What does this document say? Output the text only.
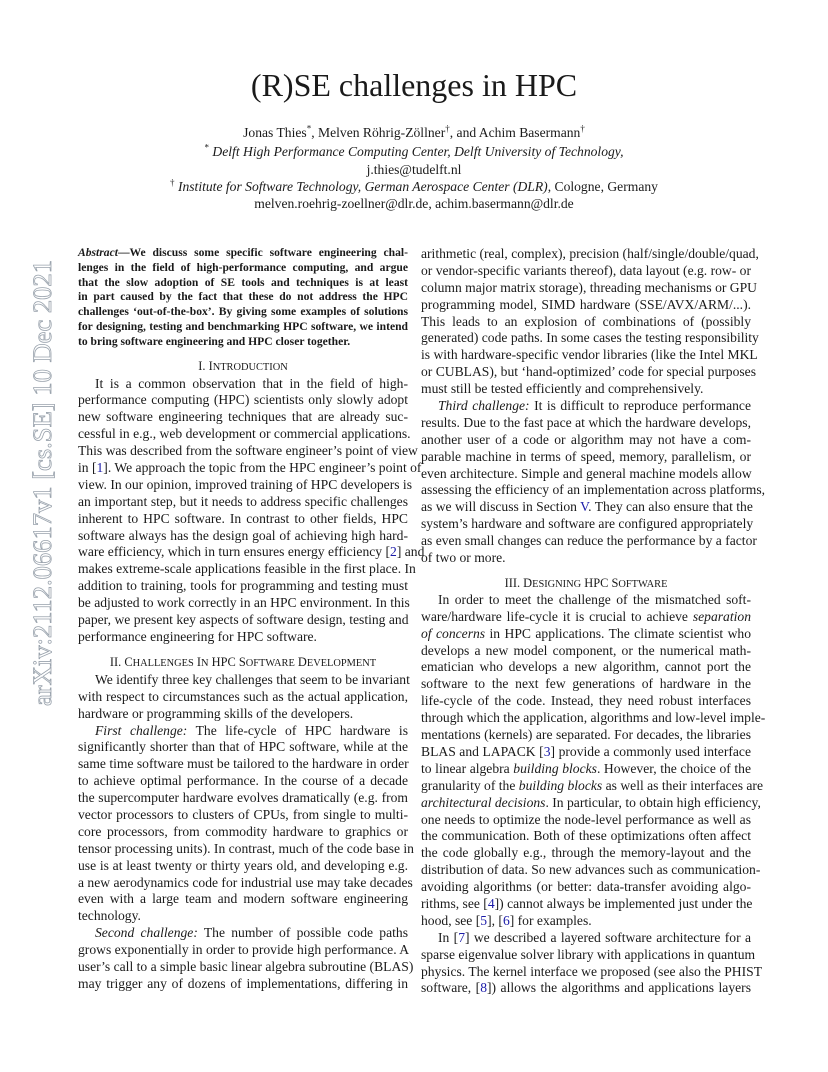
arXiv:2112.06617v1 [cs.SE] 10 Dec 2021
(R)SE challenges in HPC
Jonas Thies*, Melven Röhrig-Zöllner†, and Achim Basermann†
* Delft High Performance Computing Center, Delft University of Technology,
j.thies@tudelft.nl
† Institute for Software Technology, German Aerospace Center (DLR), Cologne, Germany
melven.roehrig-zoellner@dlr.de, achim.basermann@dlr.de
Abstract—We discuss some specific software engineering chal-
lenges in the field of high-performance computing, and argue
that the slow adoption of SE tools and techniques is at least
in part caused by the fact that these do not address the HPC
challenges ‘out-of-the-box’. By giving some examples of solutions
for designing, testing and benchmarking HPC software, we intend
to bring software engineering and HPC closer together.
I. INTRODUCTION
It is a common observation that in the field of high-
performance computing (HPC) scientists only slowly adopt
new software engineering techniques that are already suc-
cessful in e.g., web development or commercial applications.
This was described from the software engineer’s point of view
in [1]. We approach the topic from the HPC engineer’s point of
view. In our opinion, improved training of HPC developers is
an important step, but it needs to address specific challenges
inherent to HPC software. In contrast to other fields, HPC
software always has the design goal of achieving high hard-
ware efficiency, which in turn ensures energy efficiency [2] and
makes extreme-scale applications feasible in the first place. In
addition to training, tools for programming and testing must
be adjusted to work correctly in an HPC environment. In this
paper, we present key aspects of software design, testing and
performance engineering for HPC software.
II. CHALLENGES IN HPC SOFTWARE DEVELOPMENT
We identify three key challenges that seem to be invariant
with respect to circumstances such as the actual application,
hardware or programming skills of the developers.
First challenge: The life-cycle of HPC hardware is
significantly shorter than that of HPC software, while at the
same time software must be tailored to the hardware in order
to achieve optimal performance. In the course of a decade
the supercomputer hardware evolves dramatically (e.g. from
vector processors to clusters of CPUs, from single to multi-
core processors, from commodity hardware to graphics or
tensor processing units). In contrast, much of the code base in
use is at least twenty or thirty years old, and developing e.g.
a new aerodynamics code for industrial use may take decades
even with a large team and modern software engineering
technology.
Second challenge: The number of possible code paths
grows exponentially in order to provide high performance. A
user’s call to a simple basic linear algebra subroutine (BLAS)
may trigger any of dozens of implementations, differing in
arithmetic (real, complex), precision (half/single/double/quad,
or vendor-specific variants thereof), data layout (e.g. row- or
column major matrix storage), threading mechanisms or GPU
programming model, SIMD hardware (SSE/AVX/ARM/...).
This leads to an explosion of combinations of (possibly
generated) code paths. In some cases the testing responsibility
is with hardware-specific vendor libraries (like the Intel MKL
or CUBLAS), but ‘hand-optimized’ code for special purposes
must still be tested efficiently and comprehensively.
Third challenge: It is difficult to reproduce performance
results. Due to the fast pace at which the hardware develops,
another user of a code or algorithm may not have a com-
parable machine in terms of speed, memory, parallelism, or
even architecture. Simple and general machine models allow
assessing the efficiency of an implementation across platforms,
as we will discuss in Section V. They can also ensure that the
system’s hardware and software are configured appropriately
as even small changes can reduce the performance by a factor
of two or more.
III. DESIGNING HPC SOFTWARE
In order to meet the challenge of the mismatched soft-
ware/hardware life-cycle it is crucial to achieve separation
of concerns in HPC applications. The climate scientist who
develops a new model component, or the numerical math-
ematician who develops a new algorithm, cannot port the
software to the next few generations of hardware in the
life-cycle of the code. Instead, they need robust interfaces
through which the application, algorithms and low-level imple-
mentations (kernels) are separated. For decades, the libraries
BLAS and LAPACK [3] provide a commonly used interface
to linear algebra building blocks. However, the choice of the
granularity of the building blocks as well as their interfaces are
architectural decisions. In particular, to obtain high efficiency,
one needs to optimize the node-level performance as well as
the communication. Both of these optimizations often affect
the code globally e.g., through the memory-layout and the
distribution of data. So new advances such as communication-
avoiding algorithms (or better: data-transfer avoiding algo-
rithms, see [4]) cannot always be implemented just under the
hood, see [5], [6] for examples.
In [7] we described a layered software architecture for a
sparse eigenvalue solver library with applications in quantum
physics. The kernel interface we proposed (see also the PHIST
software, [8]) allows the algorithms and applications layers
